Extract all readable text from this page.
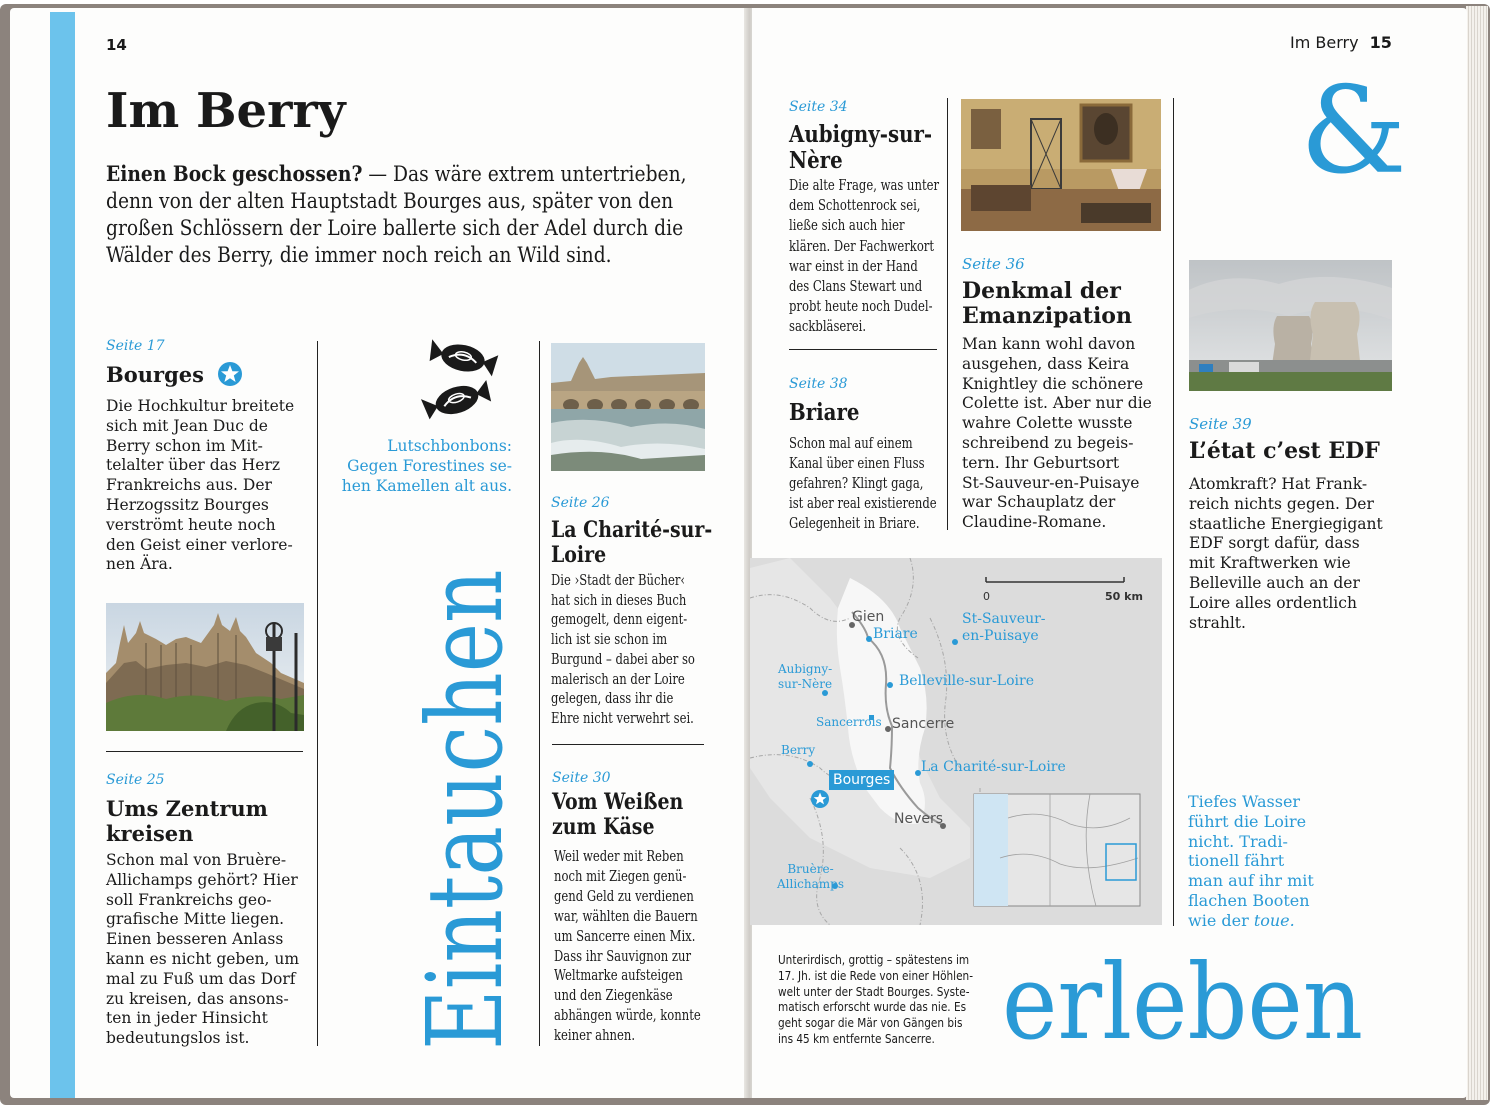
14
Im Berry
Einen Bock geschossen? — Das wäre extrem untertrieben,
denn von der alten Hauptstadt Bourges aus, später von den
großen Schlössern der Loire ballerte sich der Adel durch die
Wälder des Berry, die immer noch reich an Wild sind.
Seite 17
Bourges
Die Hochkultur breitete
sich mit Jean Duc de
Berry schon im Mit-
telalter über das Herz
Frankreichs aus. Der
Herzogssitz Bourges
verströmt heute noch
den Geist einer verlore-
nen Ära.
Seite 25
Ums Zentrum
kreisen
Schon mal von Bruère-
Allichamps gehört? Hier
soll Frankreichs geo-
grafische Mitte liegen.
Einen besseren Anlass
kann es nicht geben, um
mal zu Fuß um das Dorf
zu kreisen, das ansons-
ten in jeder Hinsicht
bedeutungslos ist.
Lutschbonbons:
Gegen Forestines se-
hen Kamellen alt aus.
Eintauchen
Seite 26
La Charité-sur-
Loire
Die ›Stadt der Bücher‹
hat sich in dieses Buch
gemogelt, denn eigent-
lich ist sie schon im
Burgund – dabei aber so
malerisch an der Loire
gelegen, dass ihr die
Ehre nicht verwehrt sei.
Seite 30
Vom Weißen
zum Käse
Weil weder mit Reben
noch mit Ziegen genü-
gend Geld zu verdienen
war, wählten die Bauern
um Sancerre einen Mix.
Dass ihr Sauvignon zur
Weltmarke aufsteigen
und den Ziegenkäse
abhängen würde, konnte
keiner ahnen.
Im Berry 15
Seite 34
Aubigny-sur-
Nère
Die alte Frage, was unter
dem Schottenrock sei,
ließe sich auch hier
klären. Der Fachwerkort
war einst in der Hand
des Clans Stewart und
probt heute noch Dudel-
sackbläserei.
Seite 38
Briare
Schon mal auf einem
Kanal über einen Fluss
gefahren? Klingt gaga,
ist aber real existierende
Gelegenheit in Briare.
Seite 36
Denkmal der
Emanzipation
Man kann wohl davon
ausgehen, dass Keira
Knightley die schönere
Colette ist. Aber nur die
wahre Colette wusste
schreibend zu begeis-
tern. Ihr Geburtsort
St-Sauveur-en-Puisaye
war Schauplatz der
Claudine-Romane.
&
Seite 39
L’état c’est EDF
Atomkraft? Hat Frank-
reich nichts gegen. Der
staatliche Energiegigant
EDF sorgt dafür, dass
mit Kraftwerken wie
Belleville auch an der
Loire alles ordentlich
strahlt.
0	50 km
Gien
Briare
St-Sauveur-
en-Puisaye
Aubigny-
sur-Nère	Belleville-sur-Loire
Sancerrois Sancerre
Berry
La Charité-sur-Loire
Bourges
Nevers
Bruère-
Allichamps
Unterirdisch, grottig – spätestens im
17. Jh. ist die Rede von einer Höhlen-
welt unter der Stadt Bourges. Syste-
matisch erforscht wurde das nie. Es
geht sogar die Mär von Gängen bis
ins 45 km entfernte Sancerre.
Tiefes Wasser
führt die Loire
nicht. Tradi-
tionell fährt
man auf ihr mit
flachen Booten
wie der toue.
erleben
